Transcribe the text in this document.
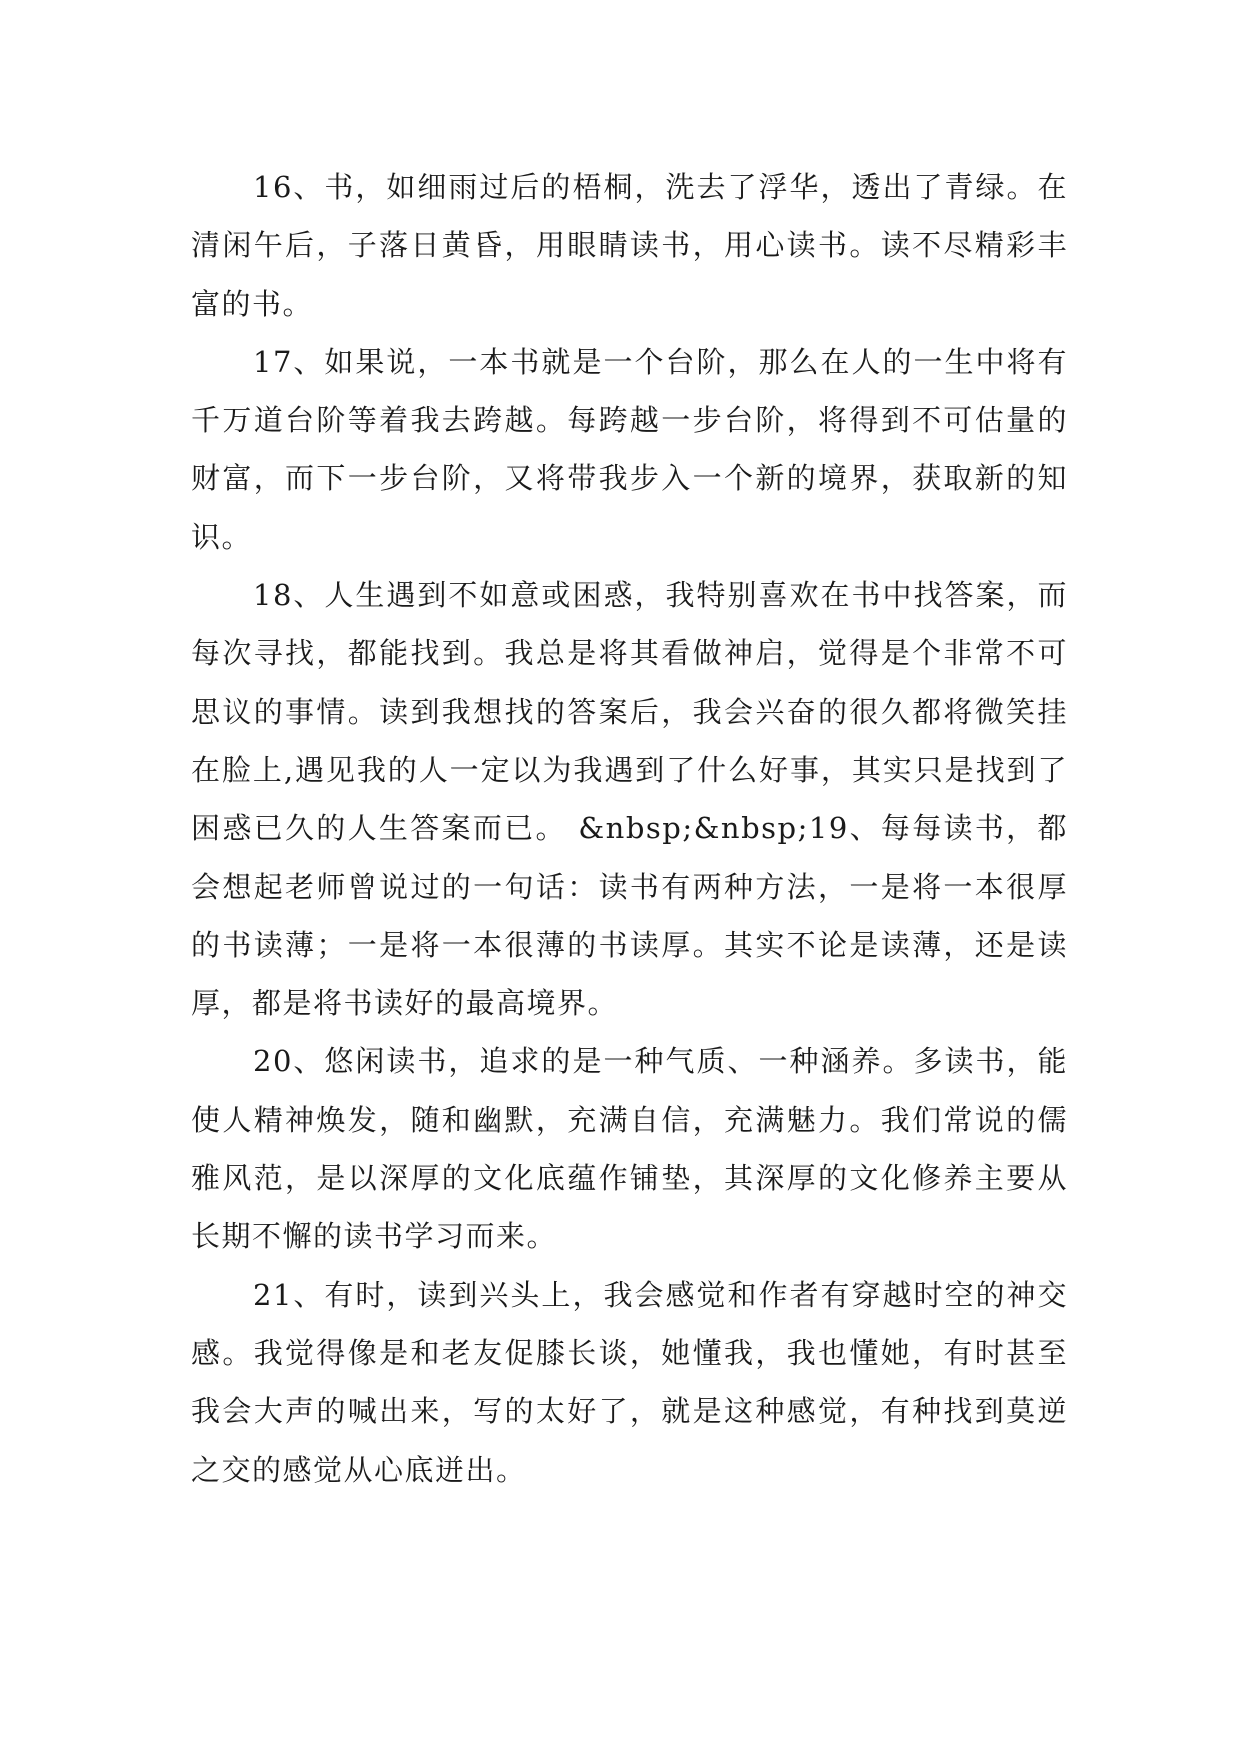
16、书，如细雨过后的梧桐，洗去了浮华，透出了青绿。在清闲午后，子落日黄昏，用眼睛读书，用心读书。读不尽精彩丰富的书。

17、如果说，一本书就是一个台阶，那么在人的一生中将有千万道台阶等着我去跨越。每跨越一步台阶，将得到不可估量的财富，而下一步台阶，又将带我步入一个新的境界，获取新的知识。

18、人生遇到不如意或困惑，我特别喜欢在书中找答案，而每次寻找，都能找到。我总是将其看做神启，觉得是个非常不可思议的事情。读到我想找的答案后，我会兴奋的很久都将微笑挂在脸上,遇见我的人一定以为我遇到了什么好事，其实只是找到了困惑已久的人生答案而已。 &nbsp;&nbsp;19、每每读书，都会想起老师曾说过的一句话：读书有两种方法，一是将一本很厚的书读薄；一是将一本很薄的书读厚。其实不论是读薄，还是读厚，都是将书读好的最高境界。

20、悠闲读书，追求的是一种气质、一种涵养。多读书，能使人精神焕发，随和幽默，充满自信，充满魅力。我们常说的儒雅风范，是以深厚的文化底蕴作铺垫，其深厚的文化修养主要从长期不懈的读书学习而来。

21、有时，读到兴头上，我会感觉和作者有穿越时空的神交感。我觉得像是和老友促膝长谈，她懂我，我也懂她，有时甚至我会大声的喊出来，写的太好了，就是这种感觉，有种找到莫逆之交的感觉从心底迸出。
